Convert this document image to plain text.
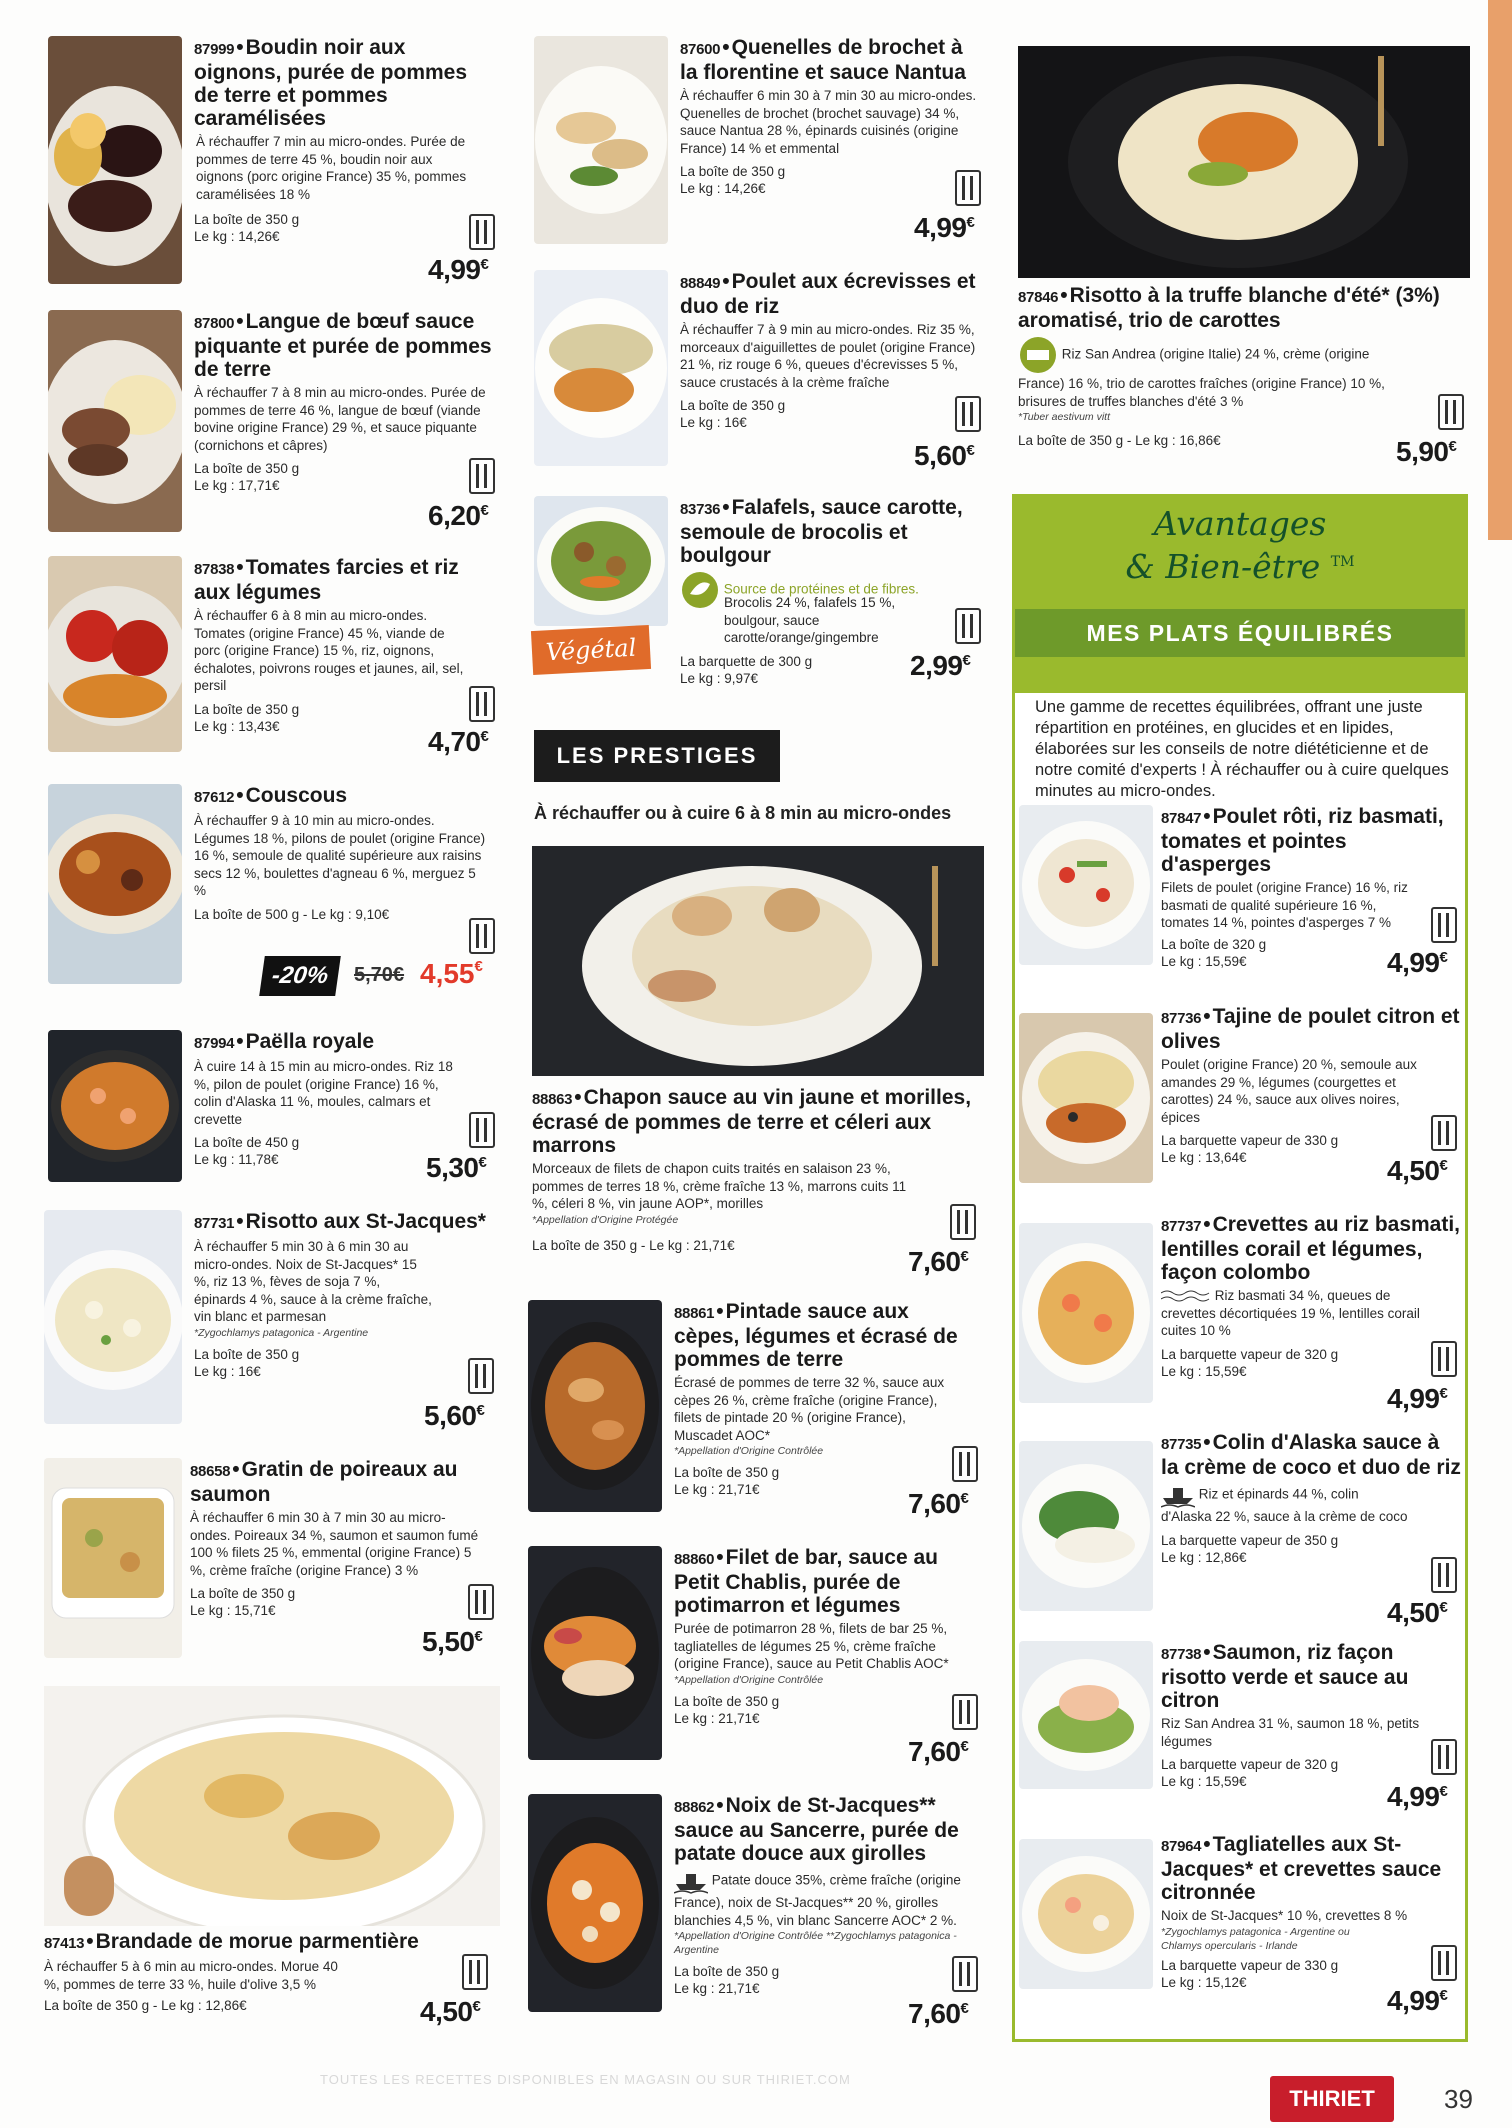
87999•Boudin noir aux oignons, purée de pommes de terre et pommes caramélisées
À réchauffer 7 min au micro-ondes. Purée de pommes de terre 45 %, boudin noir aux oignons (porc origine France) 35 %, pommes caramélisées 18 %
La boîte de 350 g
Le kg : 14,26€
4,99€
87800•Langue de bœuf sauce piquante et purée de pommes de terre
À réchauffer 7 à 8 min au micro-ondes. Purée de pommes de terre 46 %, langue de bœuf (viande bovine origine France) 29 %, et sauce piquante (cornichons et câpres)
La boîte de 350 g
Le kg : 17,71€
6,20€
87838•Tomates farcies et riz aux légumes
À réchauffer 6 à 8 min au micro-ondes. Tomates (origine France) 45 %, viande de porc (origine France) 15 %, riz, oignons, échalotes, poivrons rouges et jaunes, ail, sel, persil
La boîte de 350 g
Le kg : 13,43€	4,70€
87612•Couscous
À réchauffer 9 à 10 min au micro-ondes. Légumes 18 %, pilons de poulet (origine France) 16 %, semoule de qualité supérieure aux raisins secs 12 %, boulettes d'agneau 6 %, merguez 5 %
La boîte de 500 g - Le kg : 9,10€
-20%	5,70€ 4,55€
87994•Paëlla royale
À cuire 14 à 15 min au micro-ondes. Riz 18 %, pilon de poulet (origine France) 16 %, colin d'Alaska 11 %, moules, calmars et crevette
La boîte de 450 g
Le kg : 11,78€	5,30€
87731•Risotto aux St-Jacques*
À réchauffer 5 min 30 à 6 min 30 au micro-ondes. Noix de St-Jacques* 15 %, riz 13 %, fèves de soja 7 %, épinards 4 %, sauce à la crème fraîche, vin blanc et parmesan
*Zygochlamys patagonica - Argentine
La boîte de 350 g
Le kg : 16€
5,60€
88658•Gratin de poireaux au saumon
À réchauffer 6 min 30 à 7 min 30 au micro-ondes. Poireaux 34 %, saumon et saumon fumé 100 % filets 25 %, emmental (origine France) 5 %, crème fraîche (origine France) 3 %
La boîte de 350 g
Le kg : 15,71€
5,50€
87413•Brandade de morue parmentière
À réchauffer 5 à 6 min au micro-ondes. Morue 40 %, pommes de terre 33 %, huile d'olive 3,5 %
La boîte de 350 g - Le kg : 12,86€	4,50€
87600•Quenelles de brochet à la florentine et sauce Nantua
À réchauffer 6 min 30 à 7 min 30 au micro-ondes. Quenelles de brochet (brochet sauvage) 34 %, sauce Nantua 28 %, épinards cuisinés (origine France) 14 % et emmental
La boîte de 350 g
Le kg : 14,26€
4,99€
88849•Poulet aux écrevisses et duo de riz
À réchauffer 7 à 9 min au micro-ondes. Riz 35 %, morceaux d'aiguillettes de poulet (origine France) 21 %, riz rouge 6 %, queues d'écrevisses 5 %, sauce crustacés à la crème fraîche
La boîte de 350 g
Le kg : 16€
5,60€
83736•Falafels, sauce carotte, semoule de brocolis et boulgour
Source de protéines et de fibres.
Brocolis 24 %, falafels 15 %, boulgour, sauce carotte/orange/gingembre
La barquette de 300 g
Le kg : 9,97€	2,99€
Végétal
LES PRESTIGES
À réchauffer ou à cuire 6 à 8 min au micro-ondes
88863•Chapon sauce au vin jaune et morilles, écrasé de pommes de terre et céleri aux marrons
Morceaux de filets de chapon cuits traités en salaison 23 %, pommes de terres 18 %, crème fraîche 13 %, marrons cuits 11 %, céleri 8 %, vin jaune AOP*, morilles
*Appellation d'Origine Protégée
La boîte de 350 g - Le kg : 21,71€
7,60€
88861•Pintade sauce aux cèpes, légumes et écrasé de pommes de terre
Écrasé de pommes de terre 32 %, sauce aux cèpes 26 %, crème fraîche (origine France), filets de pintade 20 % (origine France), Muscadet AOC*
*Appellation d'Origine Contrôlée
La boîte de 350 g
Le kg : 21,71€	7,60€
88860•Filet de bar, sauce au Petit Chablis, purée de potimarron et légumes
Purée de potimarron 28 %, filets de bar 25 %, tagliatelles de légumes 25 %, crème fraîche (origine France), sauce au Petit Chablis AOC*
*Appellation d'Origine Contrôlée
La boîte de 350 g
Le kg : 21,71€
7,60€
88862•Noix de St-Jacques** sauce au Sancerre, purée de patate douce aux girolles
Patate douce 35%, crème fraîche (origine France), noix de St-Jacques** 20 %, girolles blanchies 4,5 %, vin blanc Sancerre AOC* 2 %.
*Appellation d'Origine Contrôlée **Zygochlamys patagonica - Argentine
La boîte de 350 g
Le kg : 21,71€
7,60€
87846•Risotto à la truffe blanche d'été* (3%) aromatisé, trio de carottes
Riz San Andrea (origine Italie) 24 %, crème (origine France) 16 %, trio de carottes fraîches (origine France) 10 %, brisures de truffes blanches d'été 3 %
*Tuber aestivum vitt
La boîte de 350 g - Le kg : 16,86€	5,90€
Avantages
& Bien-être ™
MES PLATS ÉQUILIBRÉS
Une gamme de recettes équilibrées, offrant une juste répartition en protéines, en glucides et en lipides, élaborées sur les conseils de notre diététicienne et de notre comité d'experts ! À réchauffer ou à cuire quelques minutes au micro-ondes.
87847•Poulet rôti, riz basmati, tomates et pointes d'asperges
Filets de poulet (origine France) 16 %, riz basmati de qualité supérieure 16 %, tomates 14 %, pointes d'asperges 7 %
La boîte de 320 g
Le kg : 15,59€	4,99€
87736•Tajine de poulet citron et olives
Poulet (origine France) 20 %, semoule aux amandes 29 %, légumes (courgettes et carottes) 24 %, sauce aux olives noires, épices
La barquette vapeur de 330 g
Le kg : 13,64€	4,50€
87737•Crevettes au riz basmati, lentilles corail et légumes, façon colombo
Riz basmati 34 %, queues de crevettes décortiquées 19 %, lentilles corail cuites 10 %
La barquette vapeur de 320 g
Le kg : 15,59€
4,99€
87735•Colin d'Alaska sauce à la crème de coco et duo de riz
Riz et épinards 44 %, colin d'Alaska 22 %, sauce à la crème de coco
La barquette vapeur de 350 g
Le kg : 12,86€
4,50€
87738•Saumon, riz façon risotto verde et sauce au citron
Riz San Andrea 31 %, saumon 18 %, petits légumes
La barquette vapeur de 320 g
Le kg : 15,59€	4,99€
87964•Tagliatelles aux St-Jacques* et crevettes sauce citronnée
Noix de St-Jacques* 10 %, crevettes 8 %
*Zygochlamys patagonica - Argentine ou Chlamys opercularis - Irlande
La barquette vapeur de 330 g
Le kg : 15,12€
4,99€
TOUTES LES RECETTES DISPONIBLES EN MAGASIN OU SUR THIRIET.COM
THIRIET	39
